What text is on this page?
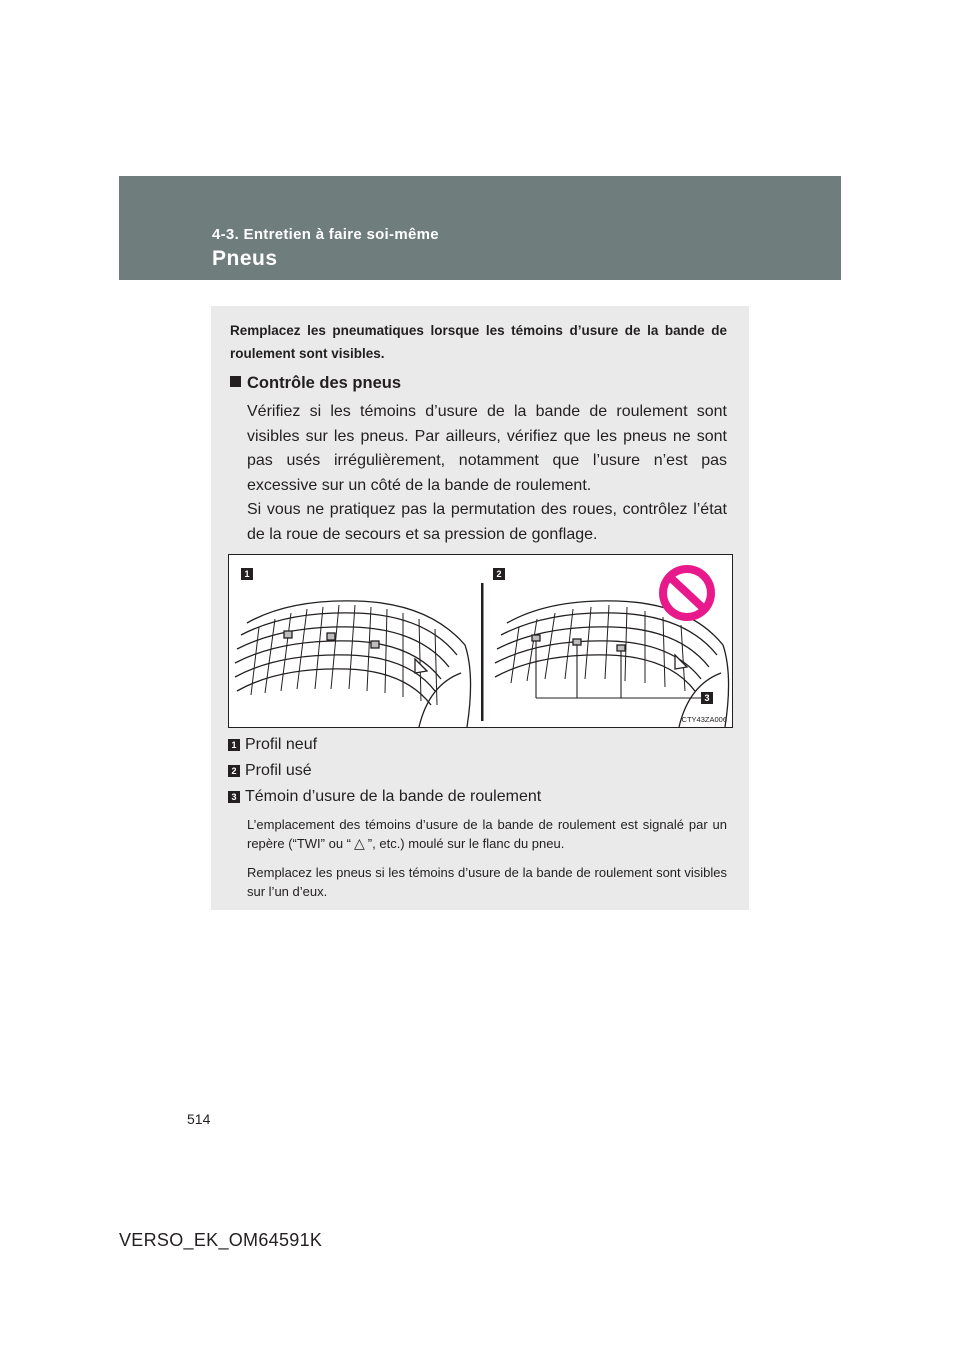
4-3. Entretien à faire soi-même
Pneus
Remplacez les pneumatiques lorsque les témoins d’usure de la bande de roulement sont visibles.
Contrôle des pneus

Vérifiez si les témoins d’usure de la bande de roulement sont visibles sur les pneus. Par ailleurs, vérifiez que les pneus ne sont pas usés irrégulièrement, notamment que l’usure n’est pas excessive sur un côté de la bande de roulement.

Si vous ne pratiquez pas la permutation des roues, contrôlez l’état de la roue de secours et sa pression de gonflage.

1	2
3
CTY43ZA006
1 Profil neuf
2 Profil usé
3 Témoin d’usure de la bande de roulement

L’emplacement des témoins d’usure de la bande de roulement est signalé par un repère (“TWI” ou “ △ ”, etc.) moulé sur le flanc du pneu.

Remplacez les pneus si les témoins d’usure de la bande de roulement sont visibles sur l’un d’eux.

514
VERSO_EK_OM64591K
